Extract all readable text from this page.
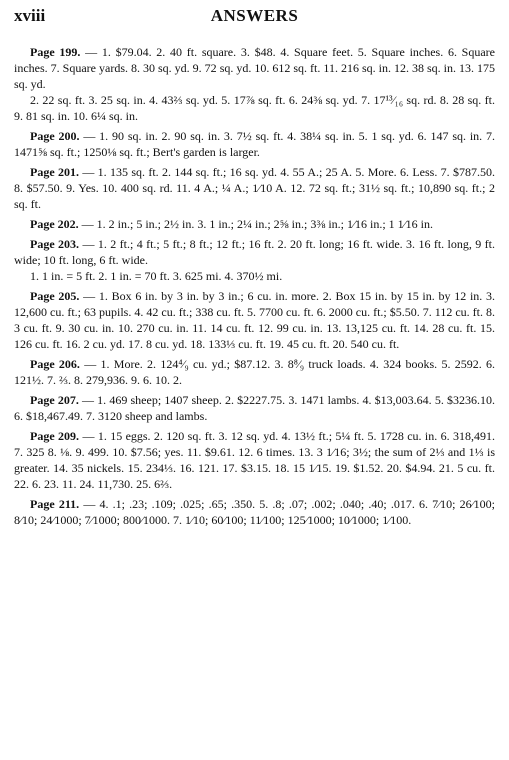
xviii	ANSWERS
Page 199. — 1. $79.04. 2. 40 ft. square. 3. $48. 4. Square feet. 5. Square inches. 6. Square inches. 7. Square yards. 8. 30 sq. yd. 9. 72 sq. yd. 10. 612 sq. ft. 11. 216 sq. in. 12. 38 sq. in. 13. 175 sq. yd.
2. 22 sq. ft. 3. 25 sq. in. 4. 43⅔ sq. yd. 5. 17⅞ sq. ft. 6. 24⅜ sq. yd. 7. 17¹³⁄₁₆ sq. rd. 8. 28 sq. ft. 9. 81 sq. in. 10. 6¼ sq. in.
Page 200. — 1. 90 sq. in. 2. 90 sq. in. 3. 7½ sq. ft. 4. 38¼ sq. in. 5. 1 sq. yd. 6. 147 sq. in. 7. 1471⅝ sq. ft.; 1250⅛ sq. ft.; Bert's garden is larger.
Page 201. — 1. 135 sq. ft. 2. 144 sq. ft.; 16 sq. yd. 4. 55 A.; 25 A. 5. More. 6. Less. 7. $787.50. 8. $57.50. 9. Yes. 10. 400 sq. rd. 11. 4 A.; ¼ A.; 1⁄10 A. 12. 72 sq. ft.; 31½ sq. ft.; 10,890 sq. ft.; 2 sq. ft.
Page 202. — 1. 2 in.; 5 in.; 2½ in. 3. 1 in.; 2¼ in.; 2⅝ in.; 3⅜ in.; 1⁄16 in.; 1 1⁄16 in.
Page 203. — 1. 2 ft.; 4 ft.; 5 ft.; 8 ft.; 12 ft.; 16 ft. 2. 20 ft. long; 16 ft. wide. 3. 16 ft. long, 9 ft. wide; 10 ft. long, 6 ft. wide.
1. 1 in. = 5 ft. 2. 1 in. = 70 ft. 3. 625 mi. 4. 370½ mi.
Page 205. — 1. Box 6 in. by 3 in. by 3 in.; 6 cu. in. more. 2. Box 15 in. by 15 in. by 12 in. 3. 12,600 cu. ft.; 63 pupils. 4. 42 cu. ft.; 338 cu. ft. 5. 7700 cu. ft. 6. 2000 cu. ft.; $5.50. 7. 112 cu. ft. 8. 3 cu. ft. 9. 30 cu. in. 10. 270 cu. in. 11. 14 cu. ft. 12. 99 cu. in. 13. 13,125 cu. ft. 14. 28 cu. ft. 15. 126 cu. ft. 16. 2 cu. yd. 17. 8 cu. yd. 18. 133⅓ cu. ft. 19. 45 cu. ft. 20. 540 cu. ft.
Page 206. — 1. More. 2. 124⁴⁄₉ cu. yd.; $87.12. 3. 8⁸⁄₉ truck loads. 4. 324 books. 5. 2592. 6. 121½. 7. ⅔. 8. 279,936. 9. 6. 10. 2.
Page 207. — 1. 469 sheep; 1407 sheep. 2. $2227.75. 3. 1471 lambs. 4. $13,003.64. 5. $3236.10. 6. $18,467.49. 7. 3120 sheep and lambs.
Page 209. — 1. 15 eggs. 2. 120 sq. ft. 3. 12 sq. yd. 4. 13½ ft.; 5¼ ft. 5. 1728 cu. in. 6. 318,491. 7. 325 8. ⅛. 9. 499. 10. $7.56; yes. 11. $9.61. 12. 6 times. 13. 3 1⁄16; 3½; the sum of 2⅓ and 1⅓ is greater. 14. 35 nickels. 15. 234⅓. 16. 121. 17. $3.15. 18. 15 1⁄15. 19. $1.52. 20. $4.94. 21. 5 cu. ft. 22. 6. 23. 11. 24. 11,730. 25. 6⅔.
Page 211. — 4. .1; .23; .109; .025; .65; .350. 5. .8; .07; .002; .040; .40; .017. 6. 7⁄10; 26⁄100; 8⁄10; 24⁄1000; 7⁄1000; 800⁄1000. 7. 1⁄10; 60⁄100; 11⁄100; 125⁄1000; 10⁄1000; 1⁄100.
